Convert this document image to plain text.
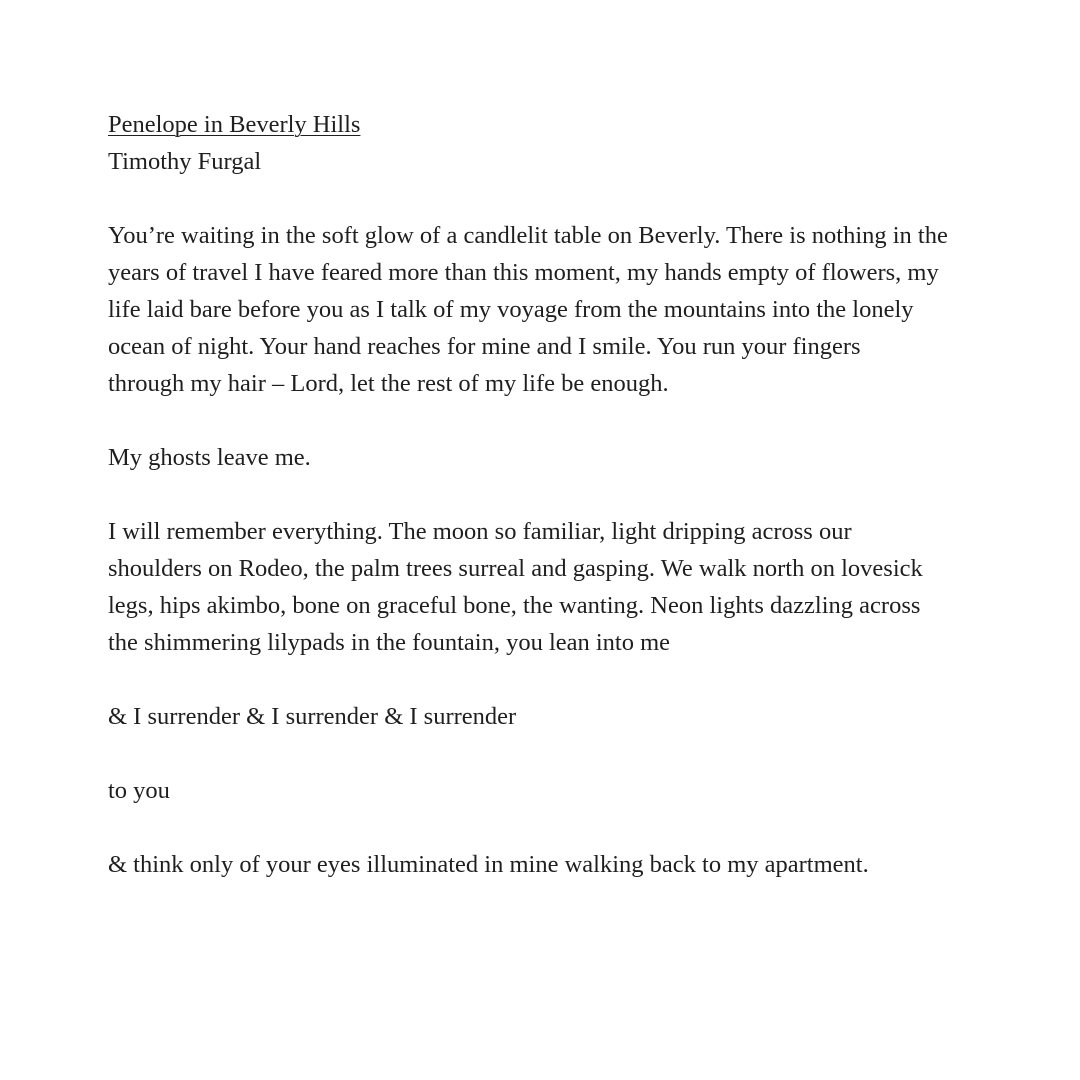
Penelope in Beverly Hills

Timothy Furgal

You’re waiting in the soft glow of a candlelit table on Beverly. There is nothing in the
years of travel I have feared more than this moment, my hands empty of flowers, my
life laid bare before you as I talk of my voyage from the mountains into the lonely
ocean of night. Your hand reaches for mine and I smile. You run your fingers
through my hair – Lord, let the rest of my life be enough.

My ghosts leave me.

I will remember everything. The moon so familiar, light dripping across our
shoulders on Rodeo, the palm trees surreal and gasping. We walk north on lovesick
legs, hips akimbo, bone on graceful bone, the wanting. Neon lights dazzling across
the shimmering lilypads in the fountain, you lean into me

& I surrender & I surrender & I surrender

to you

& think only of your eyes illuminated in mine walking back to my apartment.
